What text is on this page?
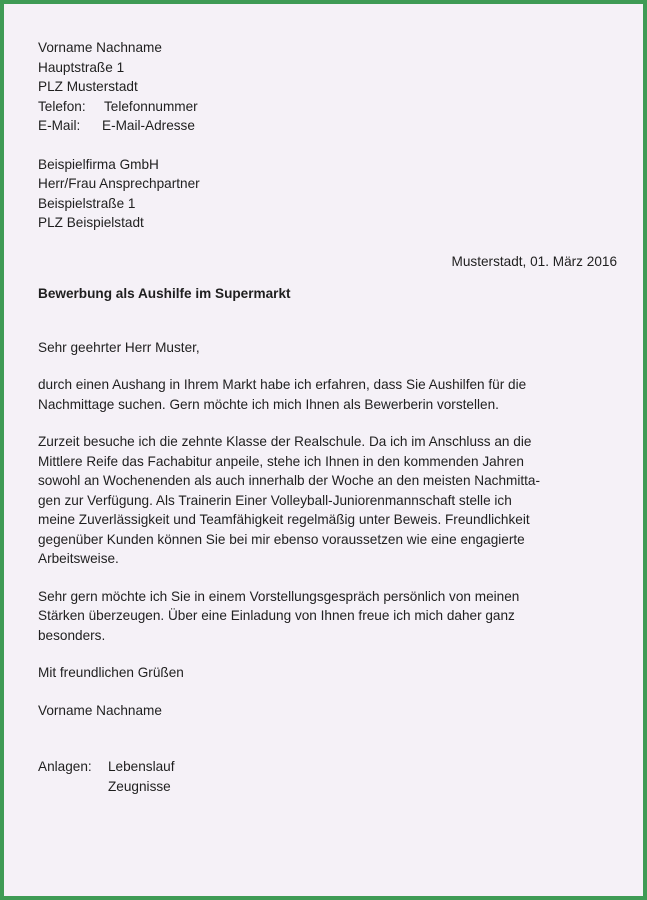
Vorname Nachname
Hauptstraße 1
PLZ Musterstadt
Telefon:	Telefonnummer
E-Mail:	E-Mail-Adresse
Beispielfirma GmbH
Herr/Frau Ansprechpartner
Beispielstraße 1
PLZ Beispielstadt
Musterstadt, 01. März 2016
Bewerbung als Aushilfe im Supermarkt
Sehr geehrter Herr Muster,
durch einen Aushang in Ihrem Markt habe ich erfahren, dass Sie Aushilfen für die
Nachmittage suchen. Gern möchte ich mich Ihnen als Bewerberin vorstellen.
Zurzeit besuche ich die zehnte Klasse der Realschule. Da ich im Anschluss an die
Mittlere Reife das Fachabitur anpeile, stehe ich Ihnen in den kommenden Jahren
sowohl an Wochenenden als auch innerhalb der Woche an den meisten Nachmitta-
gen zur Verfügung. Als Trainerin Einer Volleyball-Juniorenmannschaft stelle ich
meine Zuverlässigkeit und Teamfähigkeit regelmäßig unter Beweis. Freundlichkeit
gegenüber Kunden können Sie bei mir ebenso voraussetzen wie eine engagierte
Arbeitsweise.
Sehr gern möchte ich Sie in einem Vorstellungsgespräch persönlich von meinen
Stärken überzeugen. Über eine Einladung von Ihnen freue ich mich daher ganz
besonders.
Mit freundlichen Grüßen
Vorname Nachname
Anlagen:	Lebenslauf
Zeugnisse
